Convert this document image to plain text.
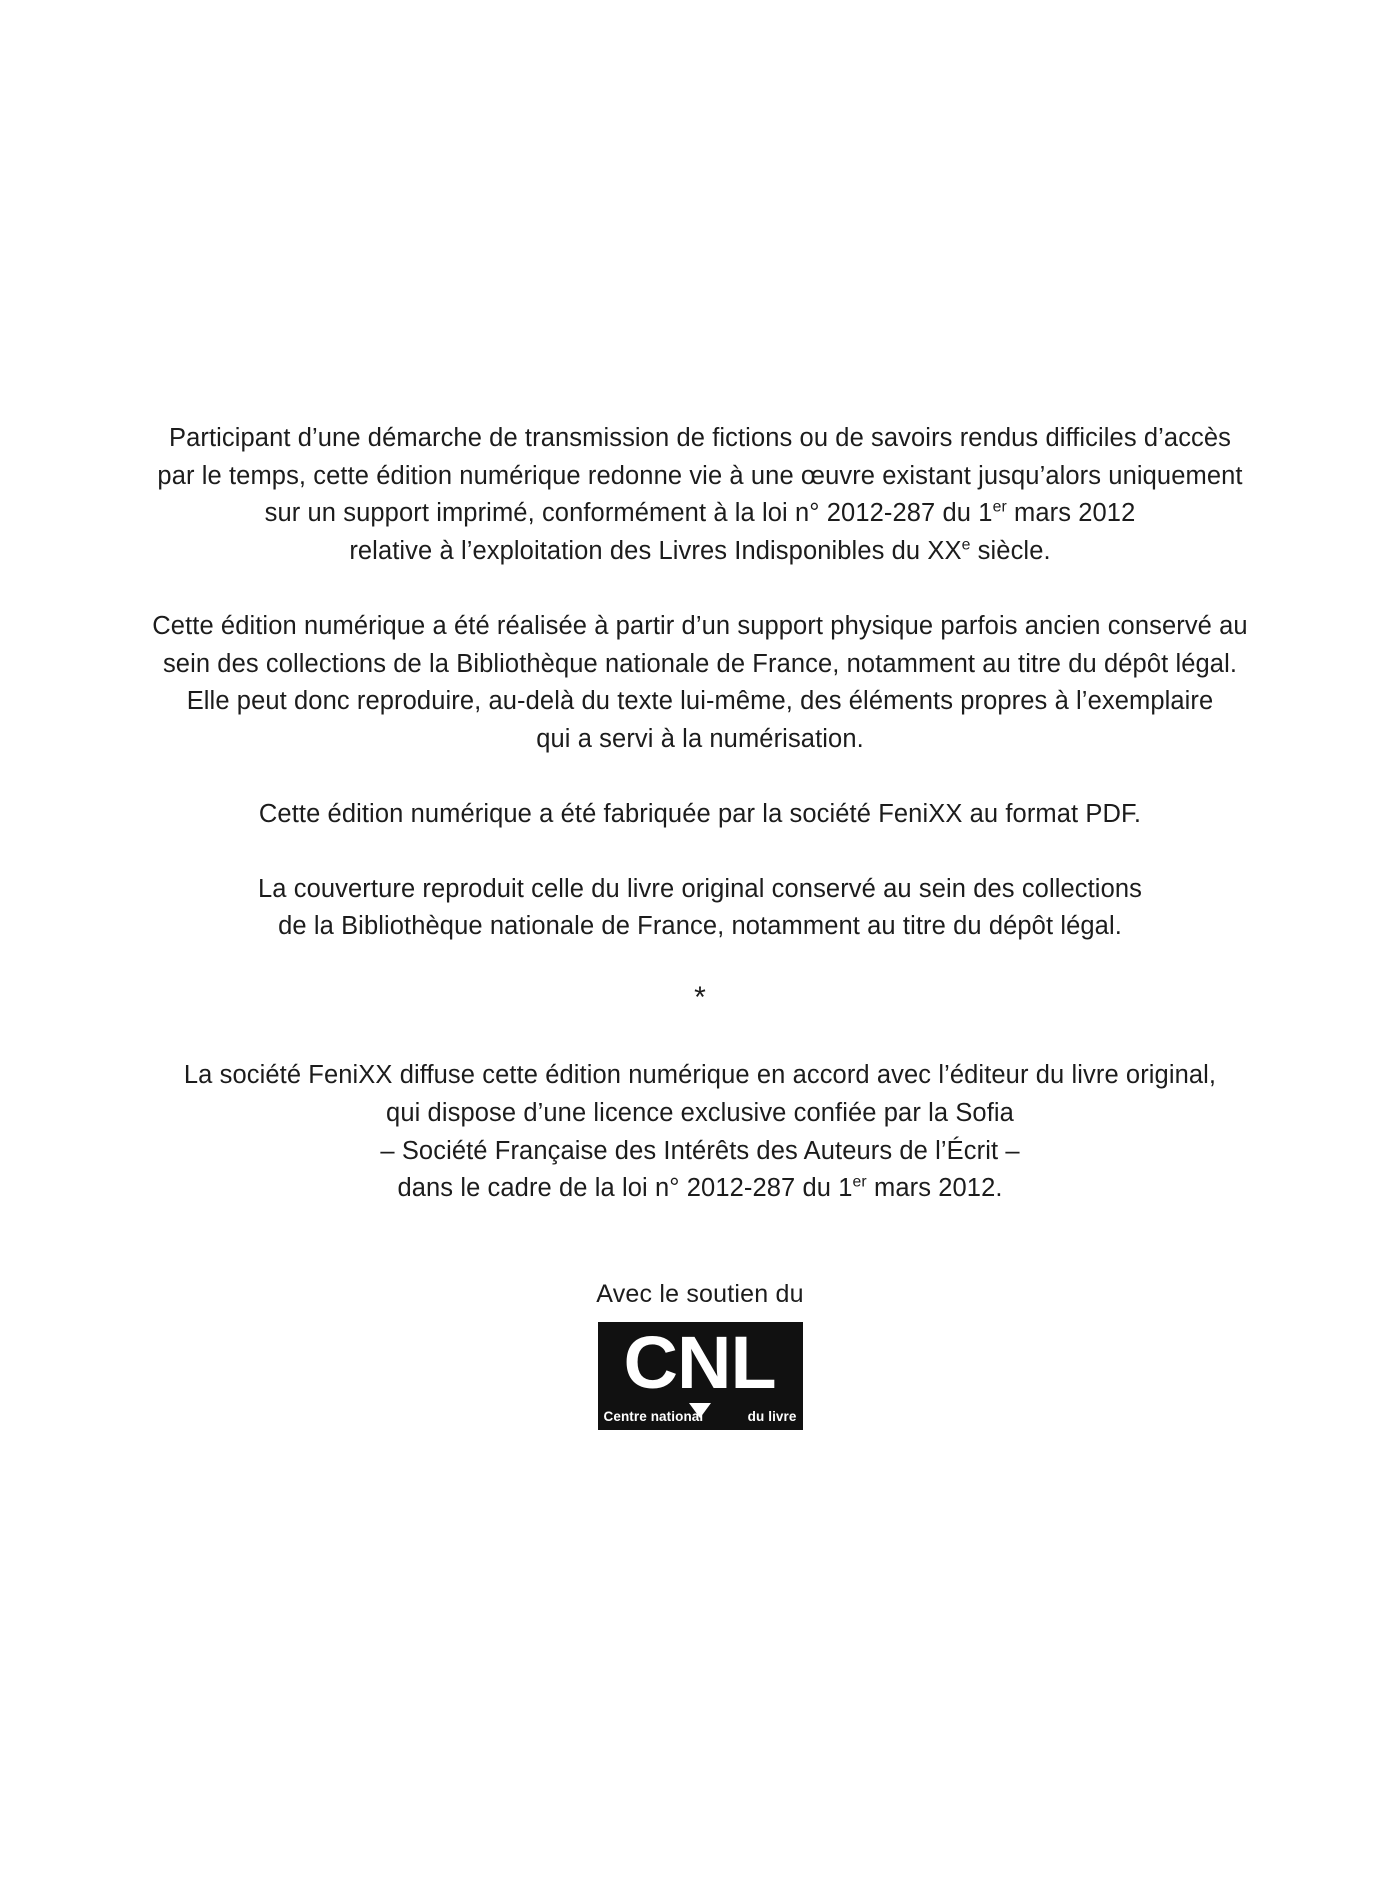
Participant d’une démarche de transmission de fictions ou de savoirs rendus difficiles d’accès
par le temps, cette édition numérique redonne vie à une œuvre existant jusqu’alors uniquement
sur un support imprimé, conformément à la loi n° 2012-287 du 1er mars 2012
relative à l’exploitation des Livres Indisponibles du XXe siècle.

Cette édition numérique a été réalisée à partir d’un support physique parfois ancien conservé au
sein des collections de la Bibliothèque nationale de France, notamment au titre du dépôt légal.
Elle peut donc reproduire, au-delà du texte lui-même, des éléments propres à l’exemplaire
qui a servi à la numérisation.

Cette édition numérique a été fabriquée par la société FeniXX au format PDF.

La couverture reproduit celle du livre original conservé au sein des collections
de la Bibliothèque nationale de France, notamment au titre du dépôt légal.

*

La société FeniXX diffuse cette édition numérique en accord avec l’éditeur du livre original,
qui dispose d’une licence exclusive confiée par la Sofia
– Société Française des Intérêts des Auteurs de l’Écrit –
dans le cadre de la loi n° 2012-287 du 1er mars 2012.

Avec le soutien du
CNL
Centre national	du livre
